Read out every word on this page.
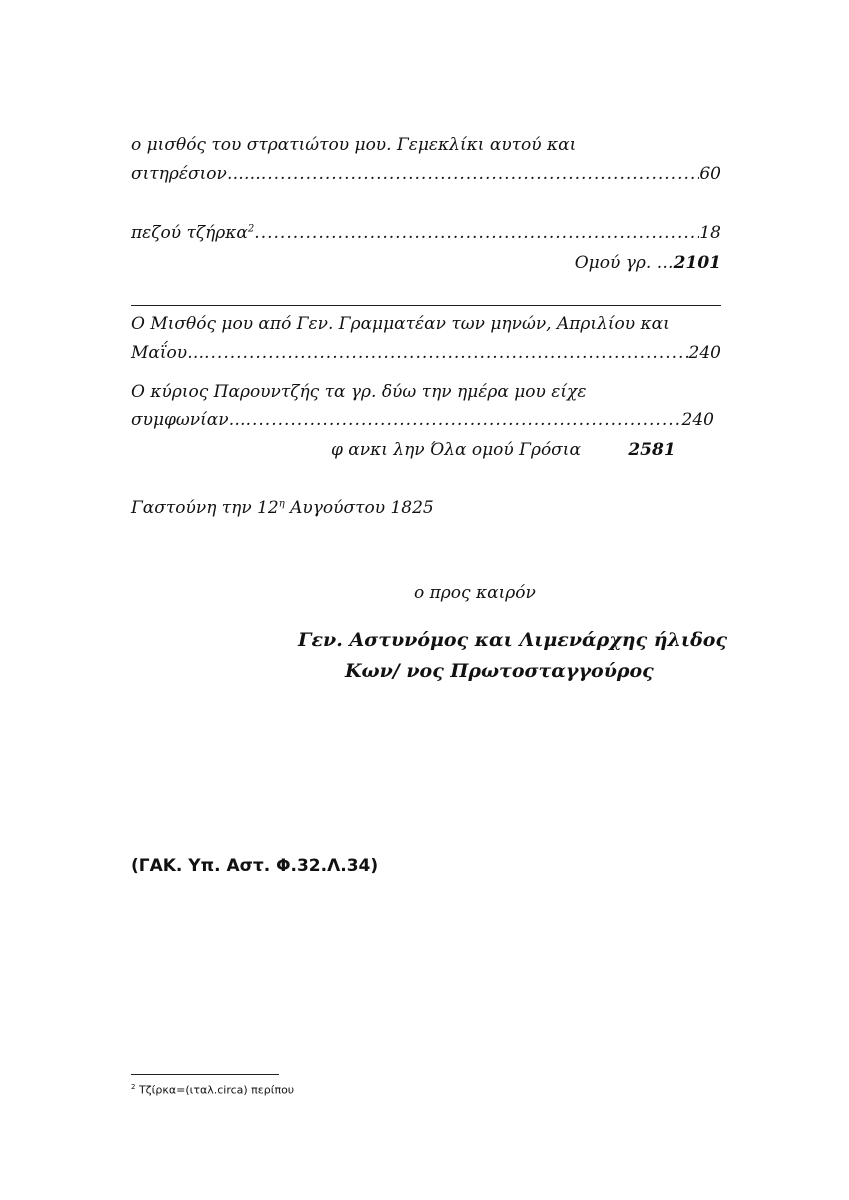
ο μισθός του στρατιώτου μου. Γεμεκλίκι αυτού και
σιτηρέσιον…… .....	60
πεζού τζήρκα$^2$ .....	18
Ομού γρ. …2101
Ο Μισθός μου από Γεν. Γραμματέαν των μηνών, Απριλίου και
Μαΐου… .....	240
Ο κύριος Παρουντζής τα γρ. δύω την ημέρα μου είχε
συμφωνίαν… .....	240
φ ανκι λην Όλα ομού Γρόσια	2581
Γαστούνη την $12^\eta$ Αυγούστου 1825
ο προς καιρόν
Γεν. Αστυνόμος και Λιμενάρχης ήλιδος
Κων/ νος Πρωτοσταγγούρος
(ΓΑΚ. Υπ. Αστ. Φ.32.Λ.34)
$^2$ Τζίρκα=(ιταλ.circa) περίπου
